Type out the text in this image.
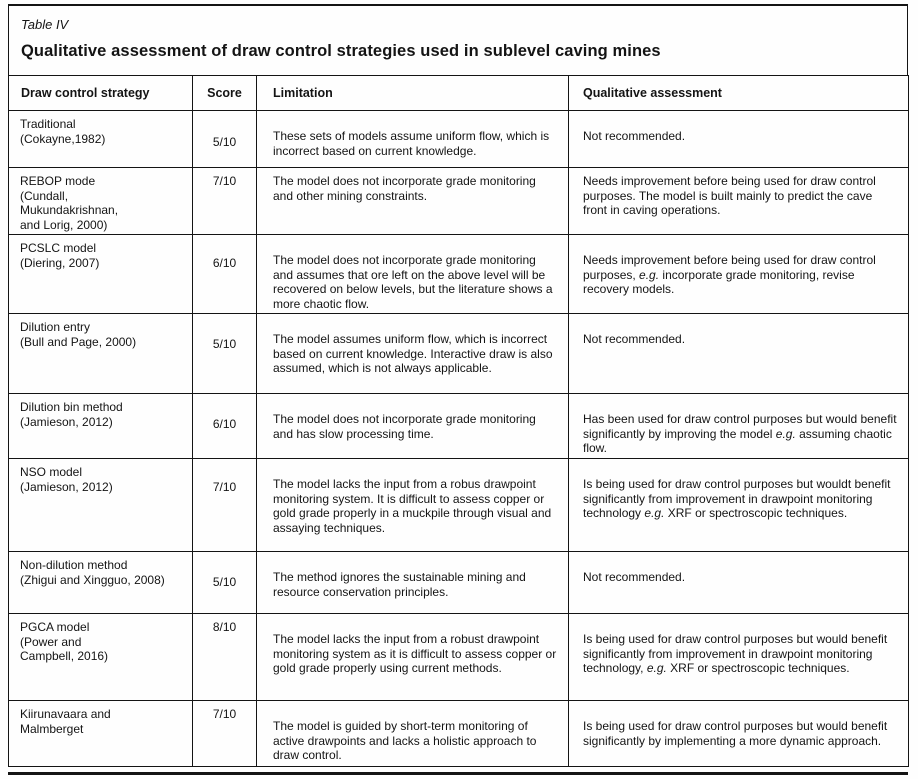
Table IV
Qualitative assessment of draw control strategies used in sublevel caving mines
Draw control strategy	Score	Limitation	Qualitative assessment
Traditional
(Cokayne,1982)	5/10	These sets of models assume uniform flow, which is incorrect based on current knowledge.	Not recommended.
REBOP mode
(Cundall,
Mukundakrishnan,
and Lorig, 2000)	7/10	The model does not incorporate grade monitoring and other mining constraints.	Needs improvement before being used for draw control purposes. The model is built mainly to predict the cave front in caving operations.
PCSLC model
(Diering, 2007)	6/10	The model does not incorporate grade monitoring and assumes that ore left on the above level will be recovered on below levels, but the literature shows a more chaotic flow.	Needs improvement before being used for draw control purposes, e.g. incorporate grade monitoring, revise recovery models.
Dilution entry
(Bull and Page, 2000)	5/10	The model assumes uniform flow, which is incorrect based on current knowledge. Interactive draw is also assumed, which is not always applicable.	Not recommended.
Dilution bin method
(Jamieson, 2012)	6/10	The model does not incorporate grade monitoring and has slow processing time.	Has been used for draw control purposes but would benefit significantly by improving the model e.g. assuming chaotic flow.
NSO model
(Jamieson, 2012)	7/10	The model lacks the input from a robus drawpoint monitoring system. It is difficult to assess copper or gold grade properly in a muckpile through visual and assaying techniques.	Is being used for draw control purposes but wouldt benefit significantly from improvement in drawpoint monitoring technology e.g. XRF or spectroscopic techniques.
Non-dilution method
(Zhigui and Xingguo, 2008)	5/10	The method ignores the sustainable mining and resource conservation principles.	Not recommended.
PGCA model
(Power and
Campbell, 2016)	8/10	The model lacks the input from a robust drawpoint monitoring system as it is difficult to assess copper or gold grade properly using current methods.	Is being used for draw control purposes but would benefit significantly from improvement in drawpoint monitoring technology, e.g. XRF or spectroscopic techniques.
Kiirunavaara and
Malmberget	7/10	The model is guided by short-term monitoring of active drawpoints and lacks a holistic approach to draw control.	Is being used for draw control purposes but would benefit significantly by implementing a more dynamic approach.
